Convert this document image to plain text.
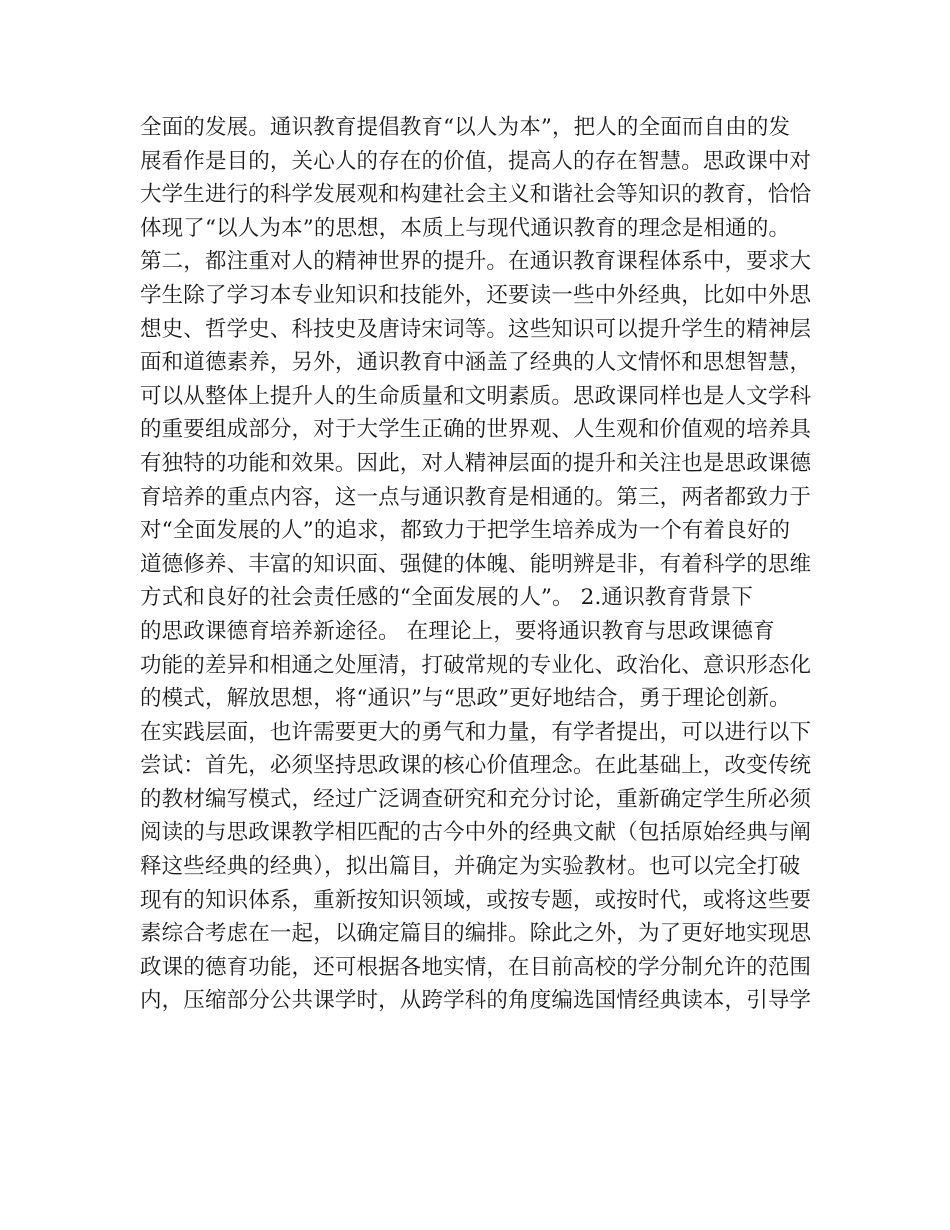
全面的发展。通识教育提倡教育“以人为本”，把人的全面而自由的发
展看作是目的，关心人的存在的价值，提高人的存在智慧。思政课中对
大学生进行的科学发展观和构建社会主义和谐社会等知识的教育，恰恰
体现了“以人为本”的思想，本质上与现代通识教育的理念是相通的。
第二，都注重对人的精神世界的提升。在通识教育课程体系中，要求大
学生除了学习本专业知识和技能外，还要读一些中外经典，比如中外思
想史、哲学史、科技史及唐诗宋词等。这些知识可以提升学生的精神层
面和道德素养，另外，通识教育中涵盖了经典的人文情怀和思想智慧，
可以从整体上提升人的生命质量和文明素质。思政课同样也是人文学科
的重要组成部分，对于大学生正确的世界观、人生观和价值观的培养具
有独特的功能和效果。因此，对人精神层面的提升和关注也是思政课德
育培养的重点内容，这一点与通识教育是相通的。第三，两者都致力于
对“全面发展的人”的追求，都致力于把学生培养成为一个有着良好的
道德修养、丰富的知识面、强健的体魄、能明辨是非，有着科学的思维
方式和良好的社会责任感的“全面发展的人”。 2.通识教育背景下
的思政课德育培养新途径。 在理论上，要将通识教育与思政课德育
功能的差异和相通之处厘清，打破常规的专业化、政治化、意识形态化
的模式，解放思想，将“通识”与“思政”更好地结合，勇于理论创新。
在实践层面，也许需要更大的勇气和力量，有学者提出，可以进行以下
尝试：首先，必须坚持思政课的核心价值理念。在此基础上，改变传统
的教材编写模式，经过广泛调查研究和充分讨论，重新确定学生所必须
阅读的与思政课教学相匹配的古今中外的经典文献（包括原始经典与阐
释这些经典的经典），拟出篇目，并确定为实验教材。也可以完全打破
现有的知识体系，重新按知识领域，或按专题，或按时代，或将这些要
素综合考虑在一起，以确定篇目的编排。除此之外，为了更好地实现思
政课的德育功能，还可根据各地实情，在目前高校的学分制允许的范围
内，压缩部分公共课学时，从跨学科的角度编选国情经典读本，引导学
